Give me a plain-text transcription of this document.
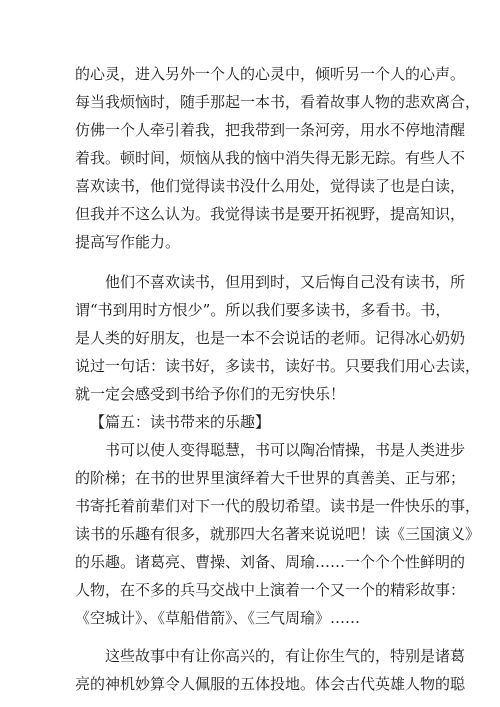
的心灵，进入另外一个人的心灵中，倾听另一个人的心声。
每当我烦恼时，随手那起一本书，看着故事人物的悲欢离合，
仿佛一个人牵引着我，把我带到一条河旁，用水不停地清醒
着我。顿时间，烦恼从我的恼中消失得无影无踪。有些人不
喜欢读书，他们觉得读书没什么用处，觉得读了也是白读，
但我并不这么认为。我觉得读书是要开拓视野，提高知识，
提高写作能力。
他们不喜欢读书，但用到时，又后悔自己没有读书，所
谓“书到用时方恨少”。所以我们要多读书，多看书。书，
是人类的好朋友，也是一本不会说话的老师。记得冰心奶奶
说过一句话：读书好，多读书，读好书。只要我们用心去读，
就一定会感受到书给予你们的无穷快乐！
【篇五：读书带来的乐趣】
书可以使人变得聪慧，书可以陶冶情操，书是人类进步
的阶梯；在书的世界里演绎着大千世界的真善美、正与邪；
书寄托着前辈们对下一代的殷切希望。读书是一件快乐的事，
读书的乐趣有很多，就那四大名著来说说吧！读《三国演义》
的乐趣。诸葛亮、曹操、刘备、周瑜……一个个个性鲜明的
人物，在不多的兵马交战中上演着一个又一个的精彩故事：
《空城计》、《草船借箭》、《三气周瑜》……
这些故事中有让你高兴的，有让你生气的，特别是诸葛
亮的神机妙算令人佩服的五体投地。体会古代英雄人物的聪
